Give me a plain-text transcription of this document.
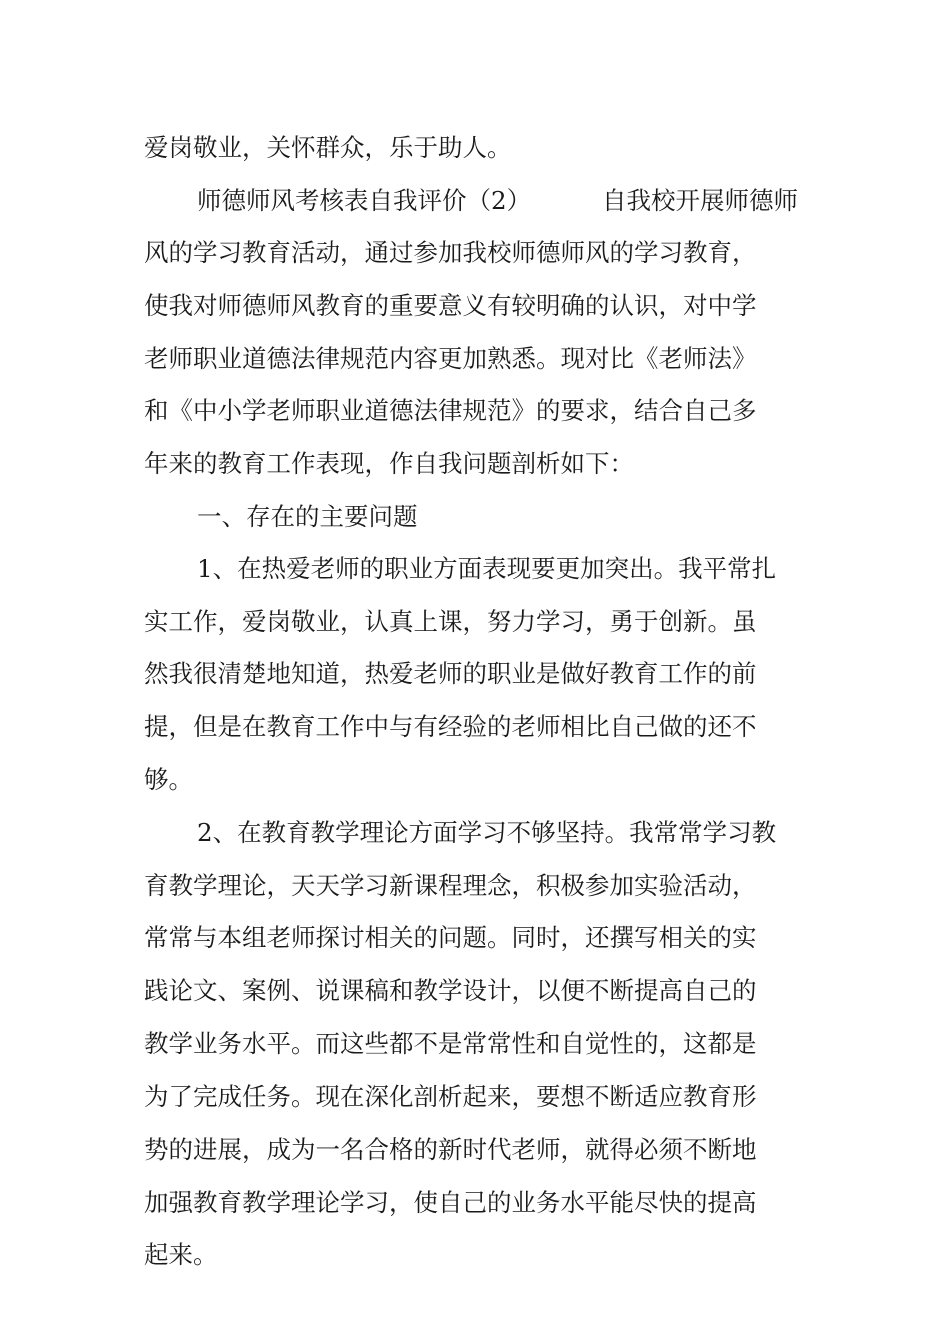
爱岗敬业，关怀群众，乐于助人。
师德师风考核表自我评价（2）	自我校开展师德师
风的学习教育活动，通过参加我校师德师风的学习教育，
使我对师德师风教育的重要意义有较明确的认识，对中学
老师职业道德法律规范内容更加熟悉。现对比《老师法》
和《中小学老师职业道德法律规范》的要求，结合自己多
年来的教育工作表现，作自我问题剖析如下：
一、存在的主要问题
1、在热爱老师的职业方面表现要更加突出。我平常扎
实工作，爱岗敬业，认真上课，努力学习，勇于创新。虽
然我很清楚地知道，热爱老师的职业是做好教育工作的前
提，但是在教育工作中与有经验的老师相比自己做的还不
够。
2、在教育教学理论方面学习不够坚持。我常常学习教
育教学理论，天天学习新课程理念，积极参加实验活动，
常常与本组老师探讨相关的问题。同时，还撰写相关的实
践论文、案例、说课稿和教学设计，以便不断提高自己的
教学业务水平。而这些都不是常常性和自觉性的，这都是
为了完成任务。现在深化剖析起来，要想不断适应教育形
势的进展，成为一名合格的新时代老师，就得必须不断地
加强教育教学理论学习，使自己的业务水平能尽快的提高
起来。
